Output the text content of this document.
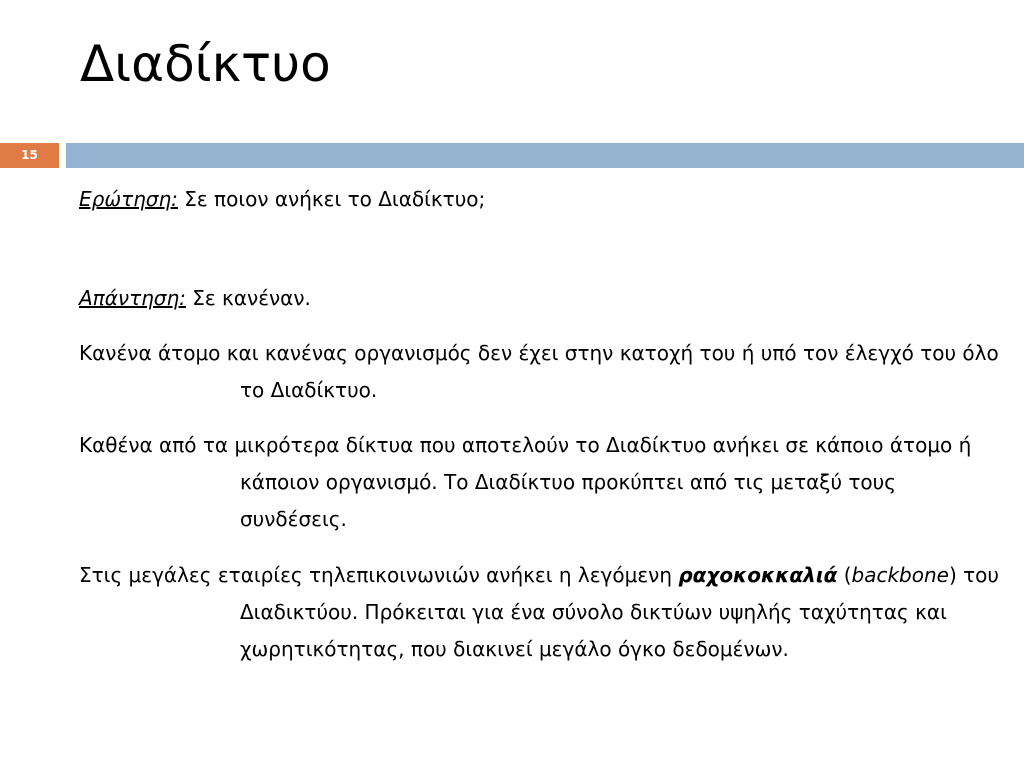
Διαδίκτυο
15

Ερώτηση: Σε ποιον ανήκει το Διαδίκτυο;

Απάντηση: Σε κανέναν.

Κανένα άτομο και κανένας οργανισμός δεν έχει στην κατοχή του ή υπό τον έλεγχό του όλο το Διαδίκτυο.

Καθένα από τα μικρότερα δίκτυα που αποτελούν το Διαδίκτυο ανήκει σε κάποιο άτομο ή κάποιον οργανισμό. Το Διαδίκτυο προκύπτει από τις μεταξύ τους συνδέσεις.

Στις μεγάλες εταιρίες τηλεπικοινωνιών ανήκει η λεγόμενη ραχοκοκκαλιά (backbone) του Διαδικτύου. Πρόκειται για ένα σύνολο δικτύων υψηλής ταχύτητας και χωρητικότητας, που διακινεί μεγάλο όγκο δεδομένων.
